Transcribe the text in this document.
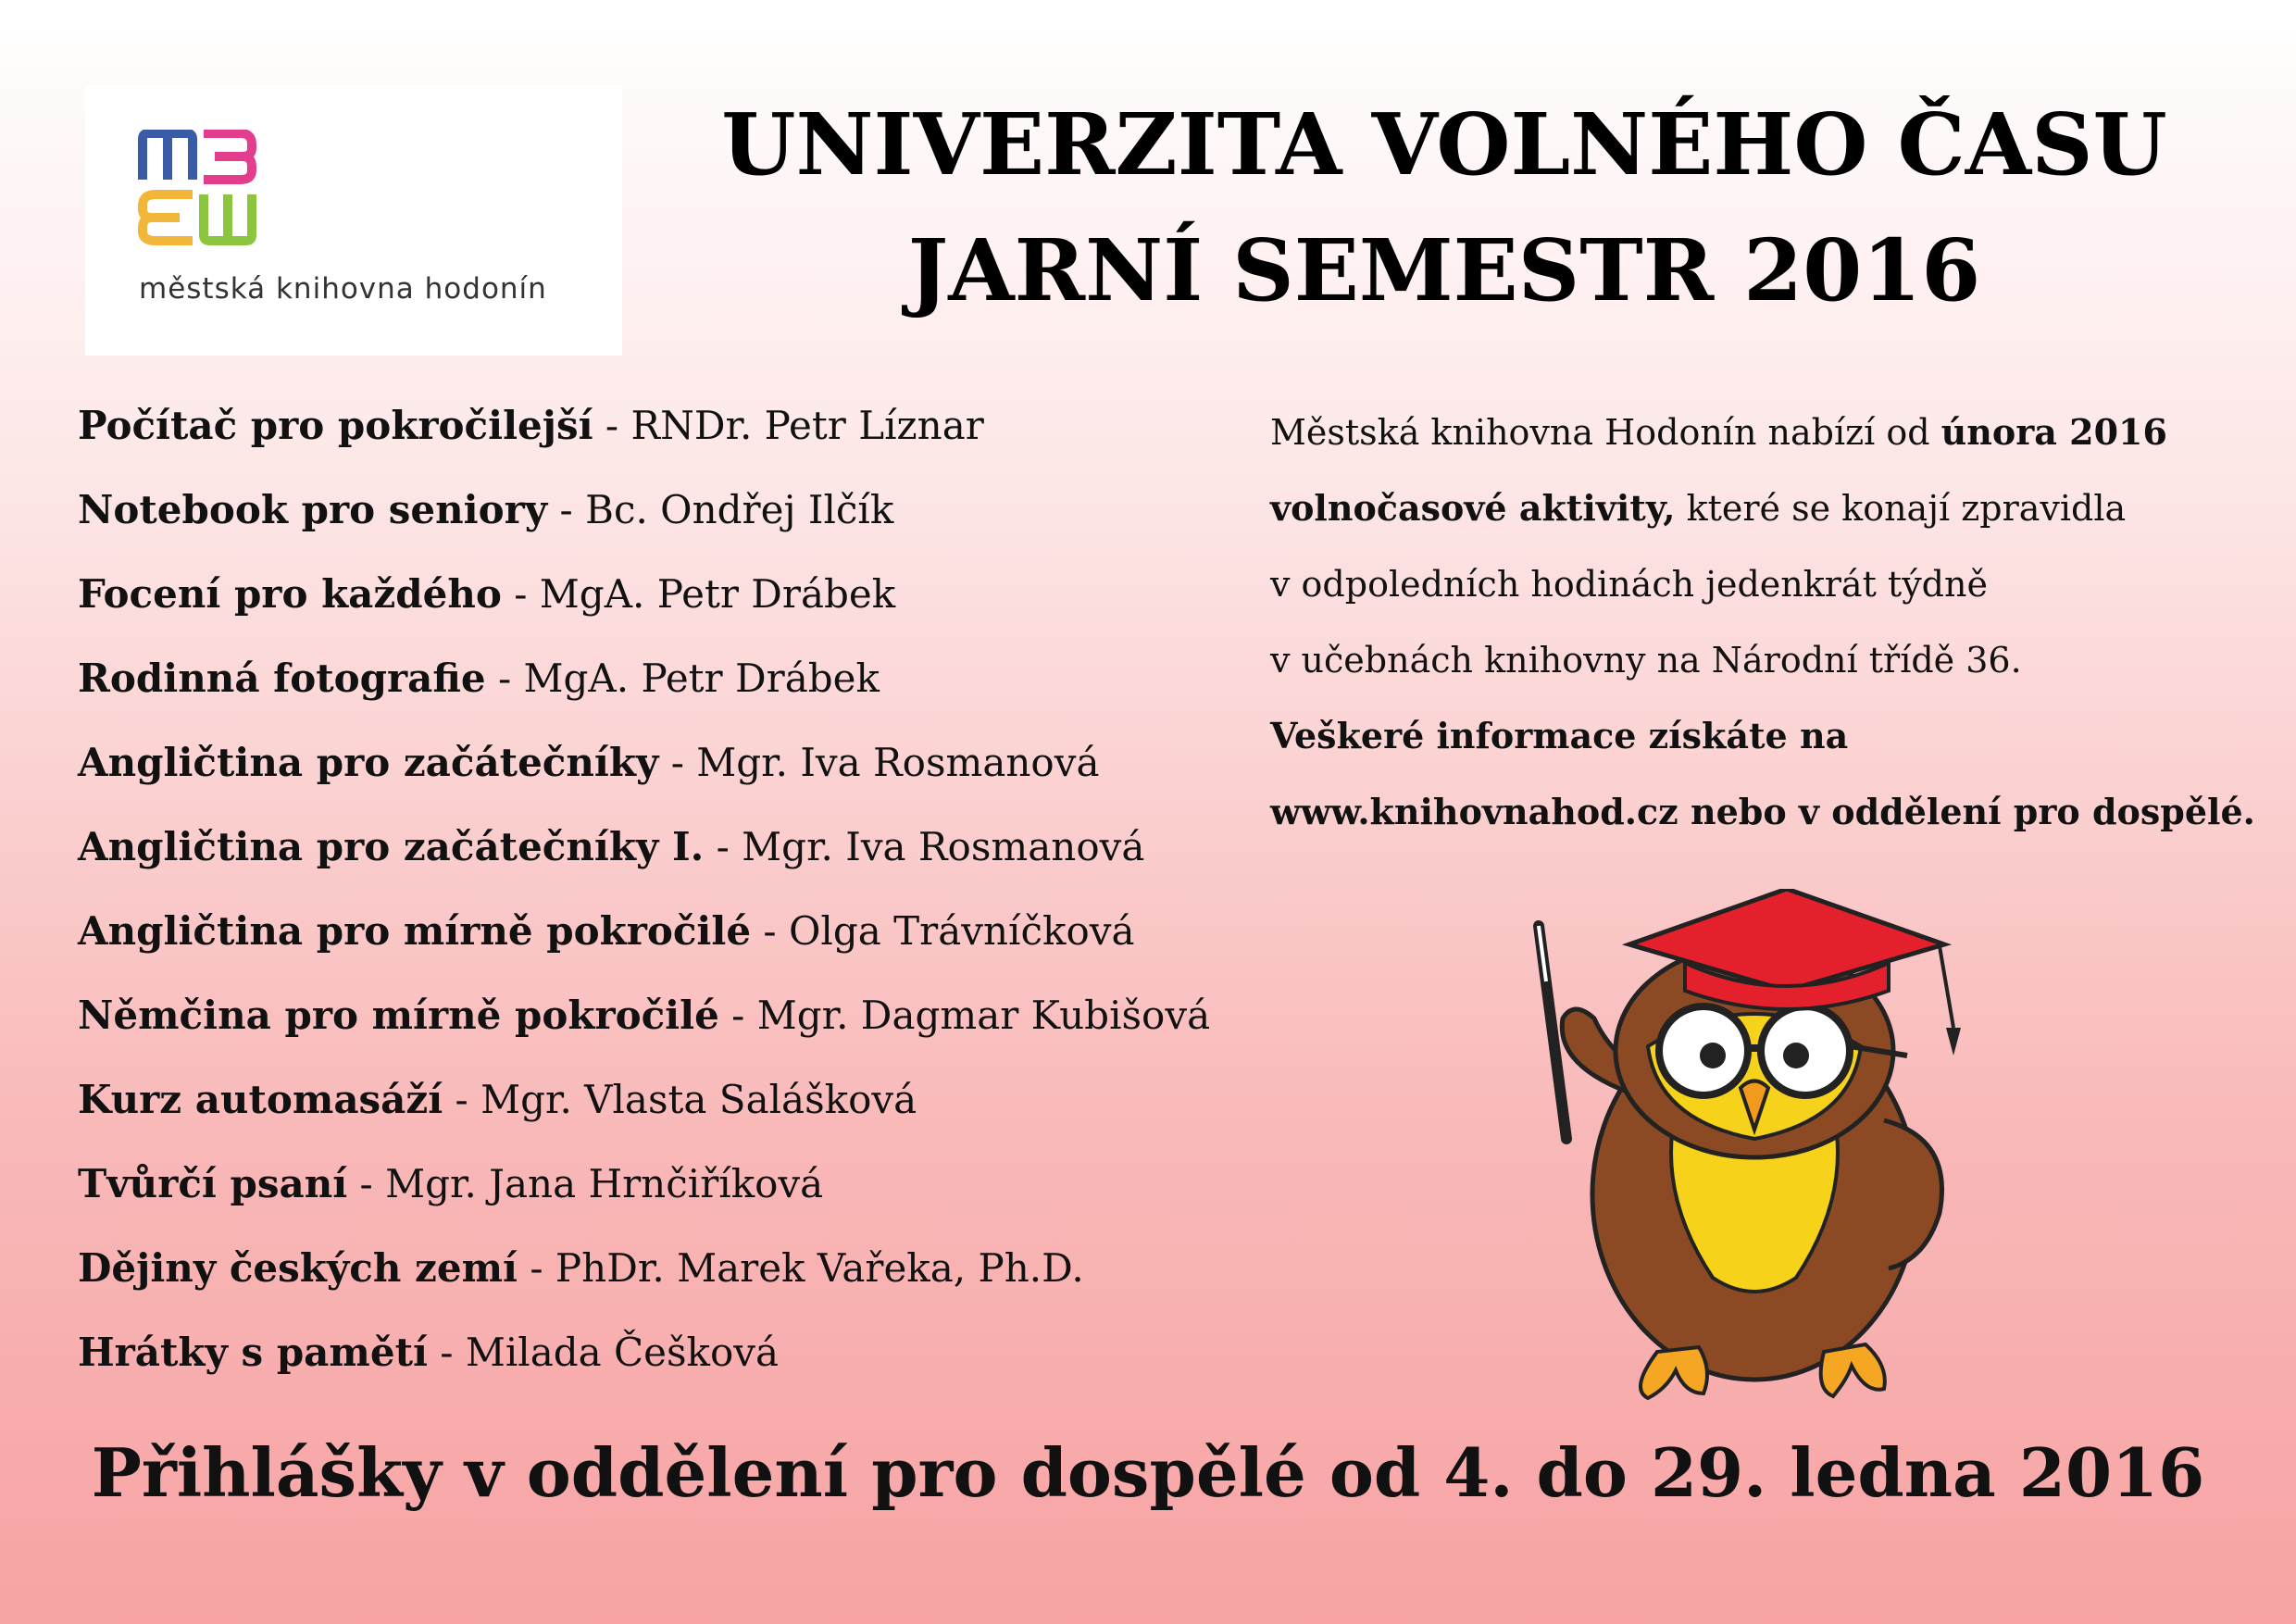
městská knihovna hodonín
UNIVERZITA VOLNÉHO ČASU
JARNÍ SEMESTR 2016
Počítač pro pokročilejší - RNDr. Petr Líznar
Notebook pro seniory - Bc. Ondřej Ilčík
Focení pro každého - MgA. Petr Drábek
Rodinná fotografie - MgA. Petr Drábek
Angličtina pro začátečníky - Mgr. Iva Rosmanová
Angličtina pro začátečníky I. - Mgr. Iva Rosmanová
Angličtina pro mírně pokročilé - Olga Trávníčková
Němčina pro mírně pokročilé - Mgr. Dagmar Kubišová
Kurz automasáží - Mgr. Vlasta Salášková
Tvůrčí psaní - Mgr. Jana Hrnčiříková
Dějiny českých zemí - PhDr. Marek Vařeka, Ph.D.
Hrátky s pamětí - Milada Češková
Městská knihovna Hodonín nabízí od února 2016
volnočasové aktivity, které se konají zpravidla
v odpoledních hodinách jedenkrát týdně
v učebnách knihovny na Národní třídě 36.
Veškeré informace získáte na
www.knihovnahod.cz nebo v oddělení pro dospělé.
Přihlášky v oddělení pro dospělé od 4. do 29. ledna 2016
